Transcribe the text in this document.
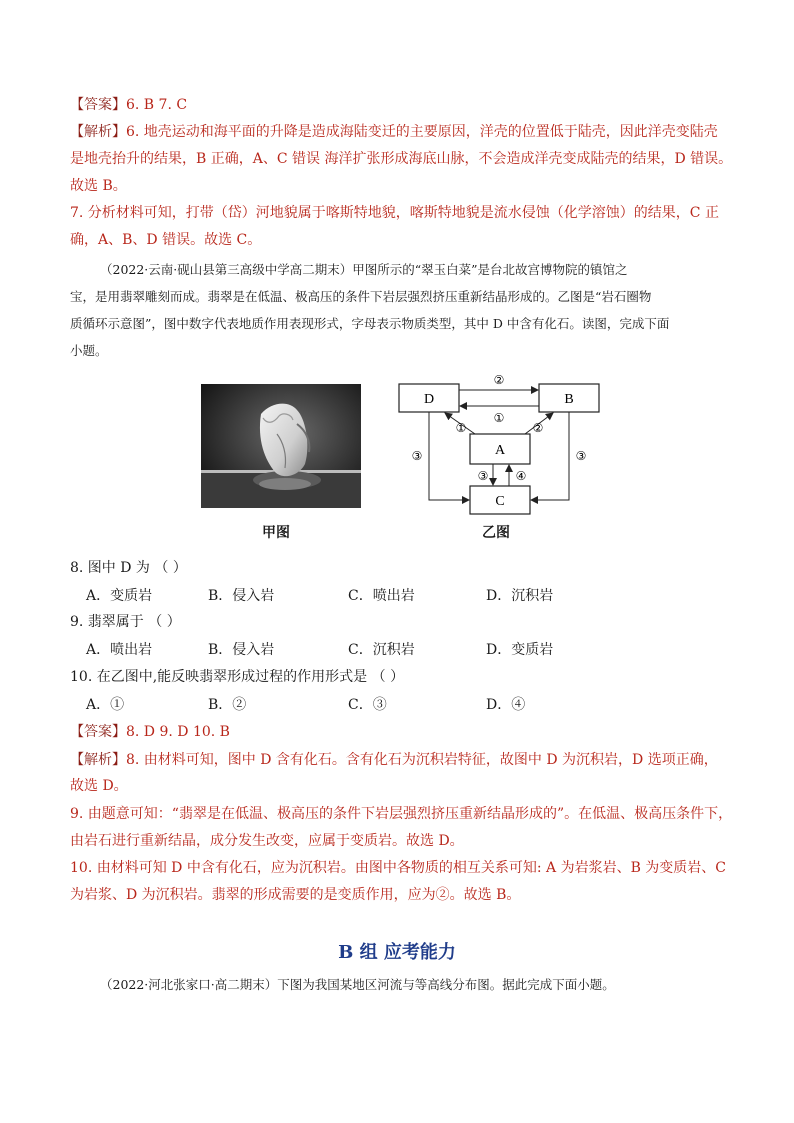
【答案】6. B 7. C
【解析】6. 地壳运动和海平面的升降是造成海陆变迁的主要原因，洋壳的位置低于陆壳，因此洋壳变陆壳
是地壳抬升的结果，B 正确，A、C 错误 海洋扩张形成海底山脉，不会造成洋壳变成陆壳的结果，D 错误。
故选 B。
7. 分析材料可知，打带（岱）河地貌属于喀斯特地貌，喀斯特地貌是流水侵蚀（化学溶蚀）的结果，C 正
确，A、B、D 错误。故选 C。
（2022·云南·砚山县第三高级中学高二期末）甲图所示的“翠玉白菜”是台北故宫博物院的镇馆之
宝，是用翡翠雕刻而成。翡翠是在低温、极高压的条件下岩层强烈挤压重新结晶形成的。乙图是“岩石圈物
质循环示意图”，图中数字代表地质作用表现形式，字母表示物质类型，其中 D 中含有化石。读图，完成下面
小题。
D	B
A
C
②
①
①	②
③ ④
③	③
甲图	乙图
8. 图中 D 为 （ ）
A．变质岩	B．侵入岩	C．喷出岩	D．沉积岩
9. 翡翠属于 （ ）
A．喷出岩	B．侵入岩	C．沉积岩	D．变质岩
10. 在乙图中,能反映翡翠形成过程的作用形式是 （ ）
A．①	B．②	C．③	D．④
【答案】8. D 9. D 10. B
【解析】8. 由材料可知，图中 D 含有化石。含有化石为沉积岩特征，故图中 D 为沉积岩，D 选项正确，
故选 D。
9. 由题意可知：“翡翠是在低温、极高压的条件下岩层强烈挤压重新结晶形成的”。在低温、极高压条件下，
由岩石进行重新结晶，成分发生改变，应属于变质岩。故选 D。
10. 由材料可知 D 中含有化石，应为沉积岩。由图中各物质的相互关系可知: A 为岩浆岩、B 为变质岩、C
为岩浆、D 为沉积岩。翡翠的形成需要的是变质作用，应为②。故选 B。
B 组 应考能力
（2022·河北张家口·高二期末）下图为我国某地区河流与等高线分布图。据此完成下面小题。
